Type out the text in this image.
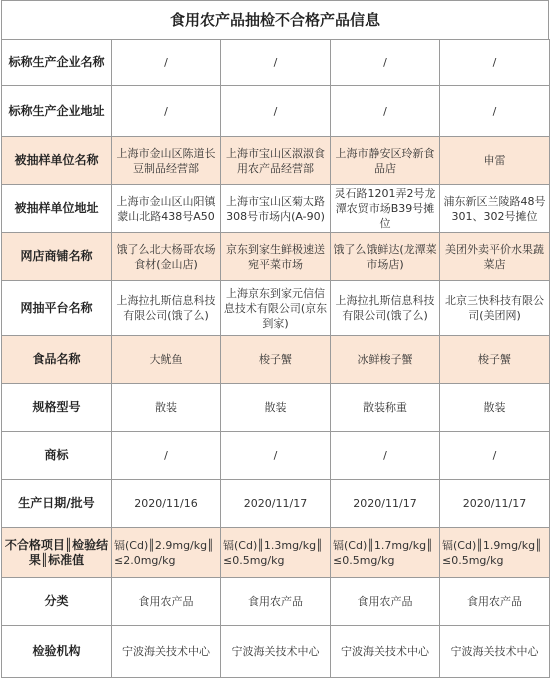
食用农产品抽检不合格产品信息
标称生产企业名称	/	/	/	/
标称生产企业地址	/	/	/	/
被抽样单位名称	上海市金山区陈道长豆制品经营部	上海市宝山区淑淑食用农产品经营部	上海市静安区玲新食品店	申雷
被抽样单位地址	上海市金山区山阳镇蒙山北路438号A50	上海市宝山区菊太路308号市场内(A-90)	灵石路1201弄2号龙潭农贸市场B39号摊位	浦东新区兰陵路48号301、302号摊位
网店商铺名称	饿了么北大杨哥农场食材(金山店)	京东到家生鲜极速送宛平菜市场	饿了么饿鲜达(龙潭菜市场店)	美团外卖平价水果蔬菜店
网抽平台名称	上海拉扎斯信息科技有限公司(饿了么)	上海京东到家元信信息技术有限公司(京东到家)	上海拉扎斯信息科技有限公司(饿了么)	北京三快科技有限公司(美团网)
食品名称	大鱿鱼	梭子蟹	冰鲜梭子蟹	梭子蟹
规格型号	散装	散装	散装称重	散装
商标	/	/	/	/
生产日期/批号	2020/11/16	2020/11/17	2020/11/17	2020/11/17
不合格项目║检验结果║标准值	镉(Cd)║2.9mg/kg║≤2.0mg/kg	镉(Cd)║1.3mg/kg║≤0.5mg/kg	镉(Cd)║1.7mg/kg║≤0.5mg/kg	镉(Cd)║1.9mg/kg║≤0.5mg/kg
分类	食用农产品	食用农产品	食用农产品	食用农产品
检验机构	宁波海关技术中心	宁波海关技术中心	宁波海关技术中心	宁波海关技术中心
